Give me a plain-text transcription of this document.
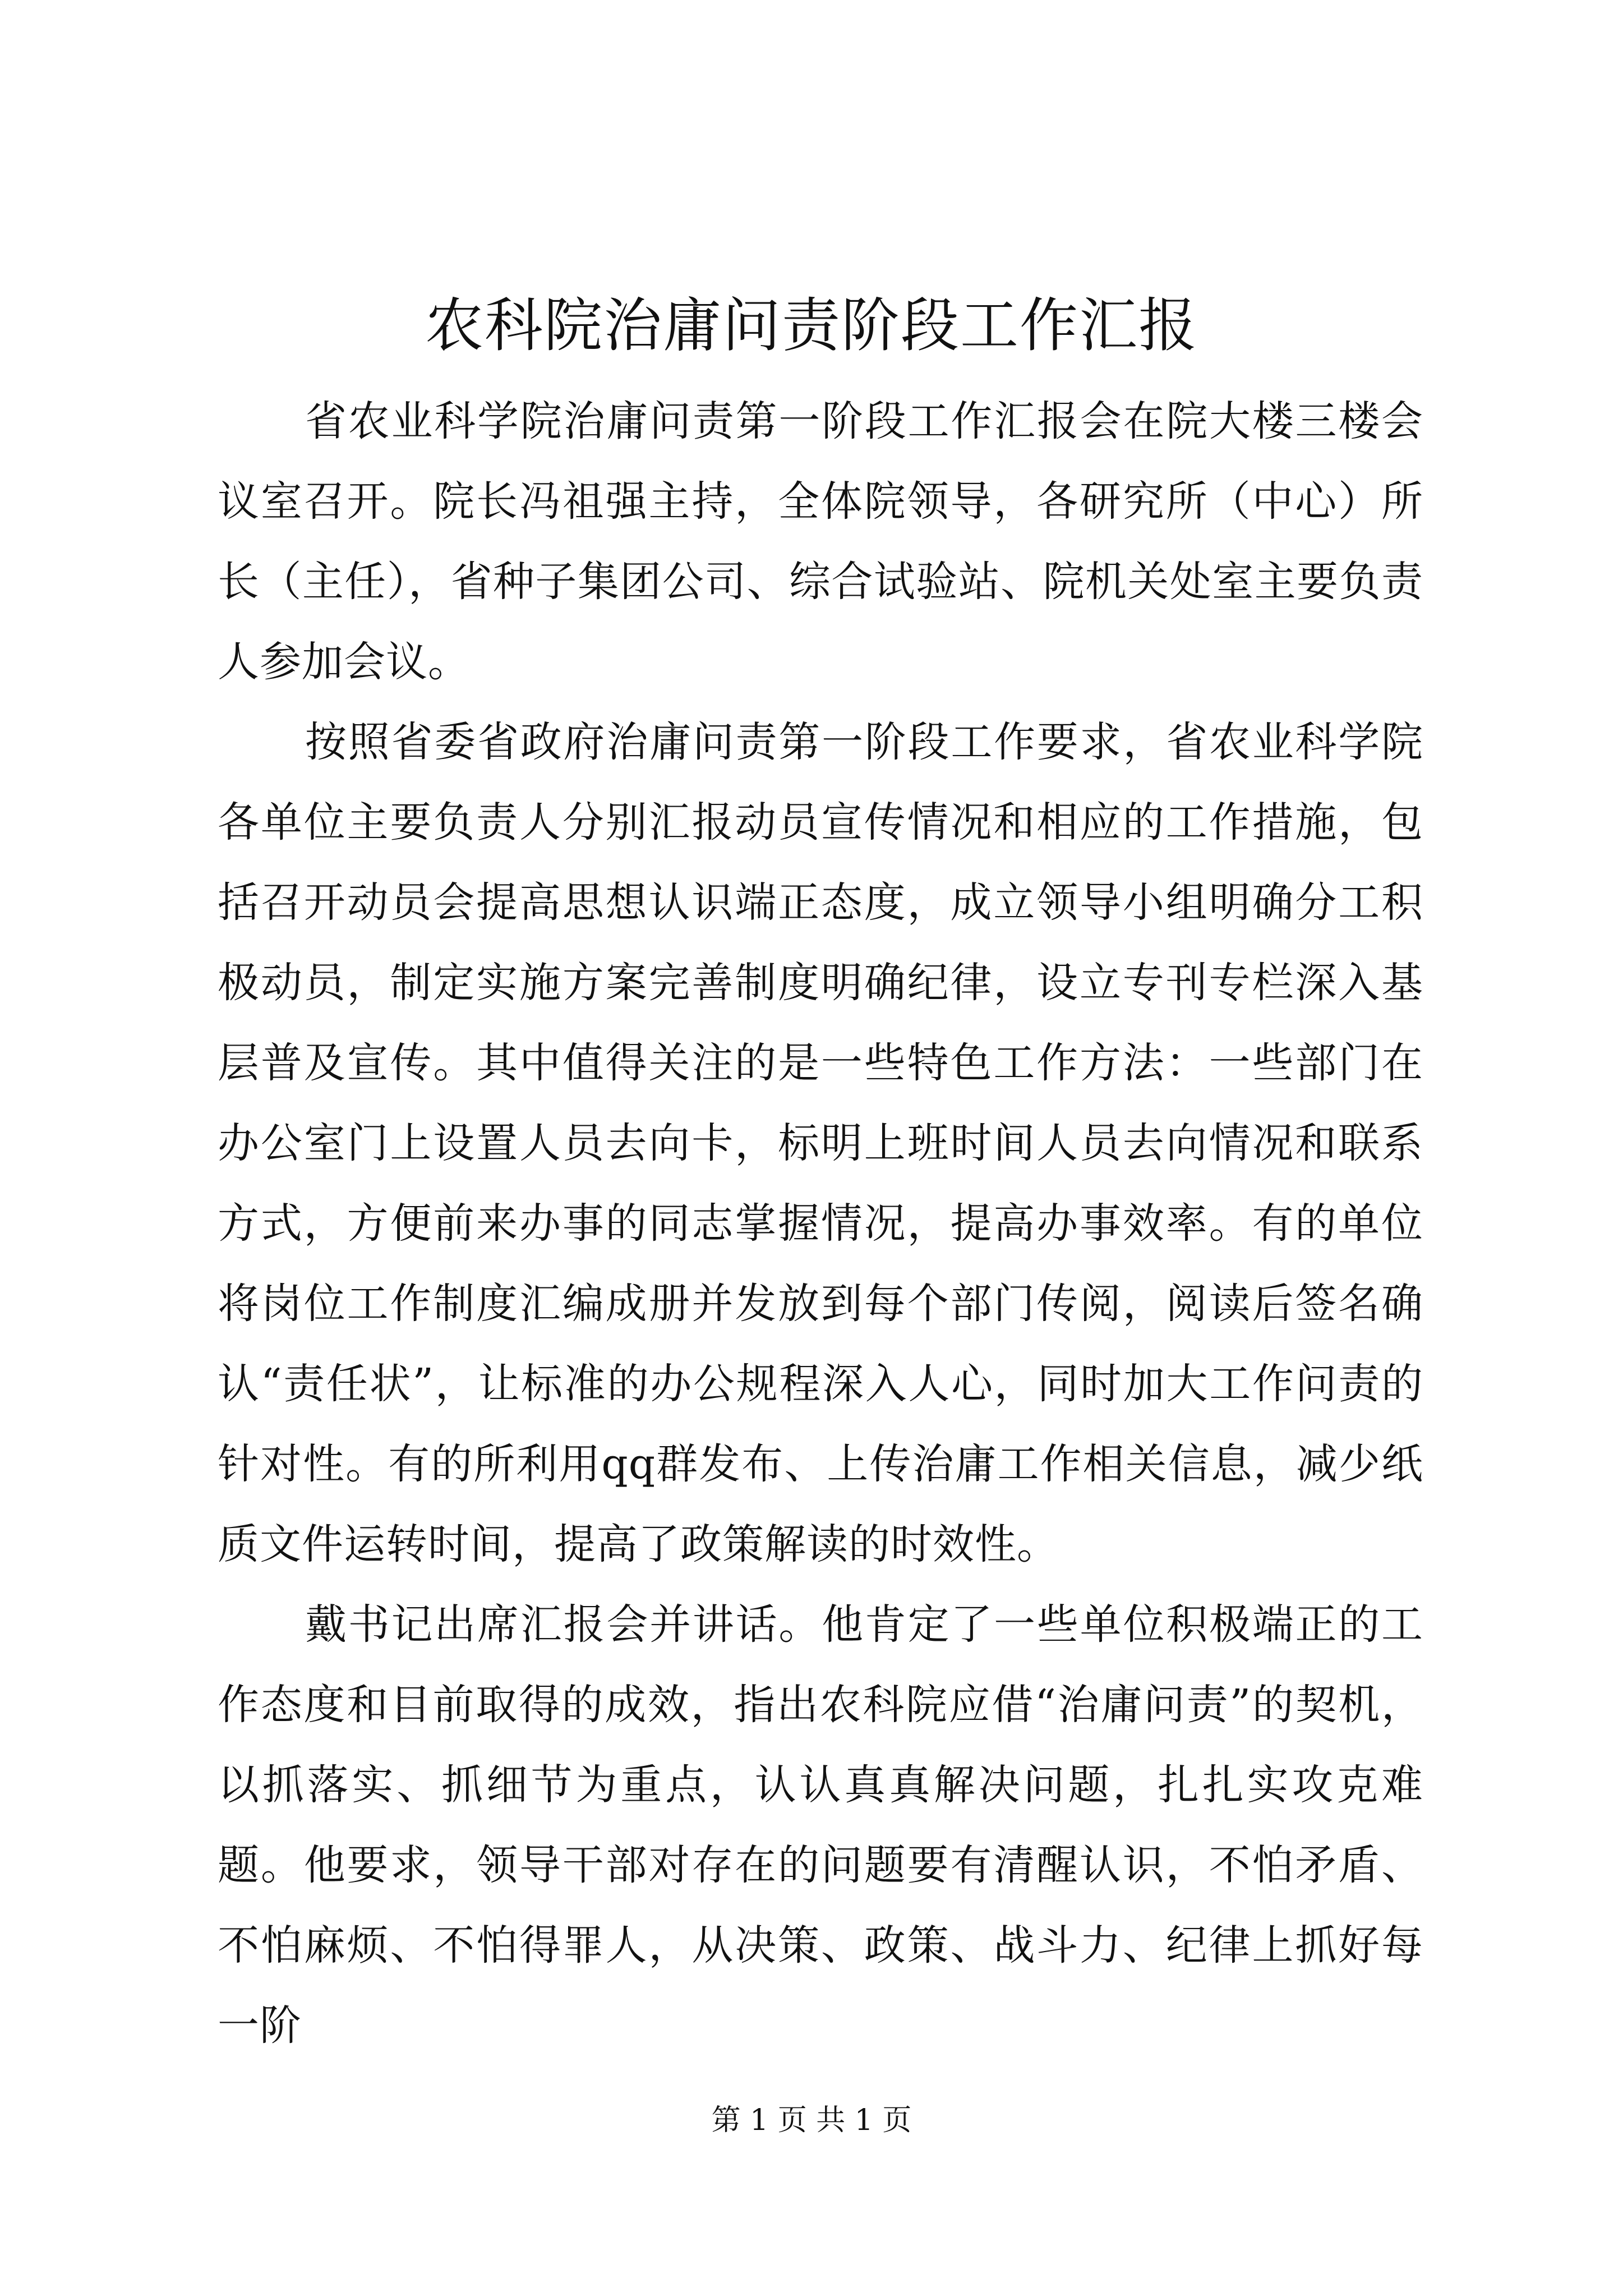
农科院治庸问责阶段工作汇报

省农业科学院治庸问责第一阶段工作汇报会在院大楼三楼会议室召开。院长冯祖强主持，全体院领导，各研究所（中心）所长（主任），省种子集团公司、综合试验站、院机关处室主要负责人参加会议。

按照省委省政府治庸问责第一阶段工作要求，省农业科学院各单位主要负责人分别汇报动员宣传情况和相应的工作措施，包括召开动员会提高思想认识端正态度，成立领导小组明确分工积极动员，制定实施方案完善制度明确纪律，设立专刊专栏深入基层普及宣传。其中值得关注的是一些特色工作方法：一些部门在办公室门上设置人员去向卡，标明上班时间人员去向情况和联系方式，方便前来办事的同志掌握情况，提高办事效率。有的单位将岗位工作制度汇编成册并发放到每个部门传阅，阅读后签名确认“责任状”，让标准的办公规程深入人心，同时加大工作问责的针对性。有的所利用qq群发布、上传治庸工作相关信息，减少纸质文件运转时间，提高了政策解读的时效性。

戴书记出席汇报会并讲话。他肯定了一些单位积极端正的工作态度和目前取得的成效，指出农科院应借“治庸问责”的契机，以抓落实、抓细节为重点，认认真真解决问题，扎扎实攻克难题。他要求，领导干部对存在的问题要有清醒认识，不怕矛盾、不怕麻烦、不怕得罪人，从决策、政策、战斗力、纪律上抓好每一阶

第 1 页 共 1 页
